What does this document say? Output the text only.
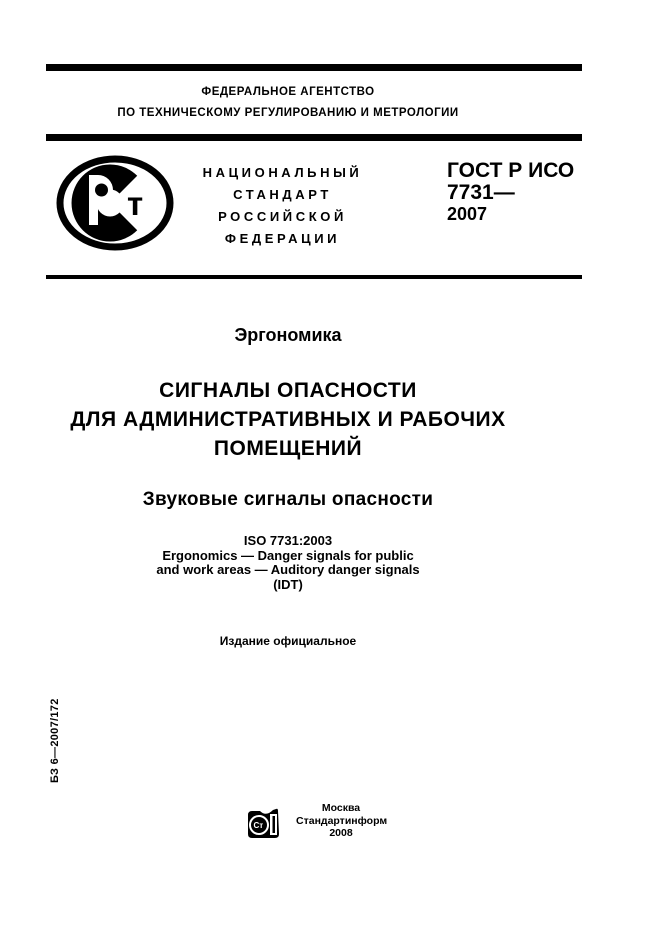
ФЕДЕРАЛЬНОЕ АГЕНТСТВО
ПО ТЕХНИЧЕСКОМУ РЕГУЛИРОВАНИЮ И МЕТРОЛОГИИ
т
НАЦИОНАЛЬНЫЙ
СТАНДАРТ
РОССИЙСКОЙ
ФЕДЕРАЦИИ
ГОСТ Р ИСО
7731—
2007
Эргономика
СИГНАЛЫ ОПАСНОСТИ
ДЛЯ АДМИНИСТРАТИВНЫХ И РАБОЧИХ
ПОМЕЩЕНИЙ
Звуковые сигналы опасности
ISO 7731:2003
Ergonomics — Danger signals for public
and work areas — Auditory danger signals
(IDT)
Издание официальное
БЗ 6—2007/172
Ст
Москва
Стандартинформ
2008
